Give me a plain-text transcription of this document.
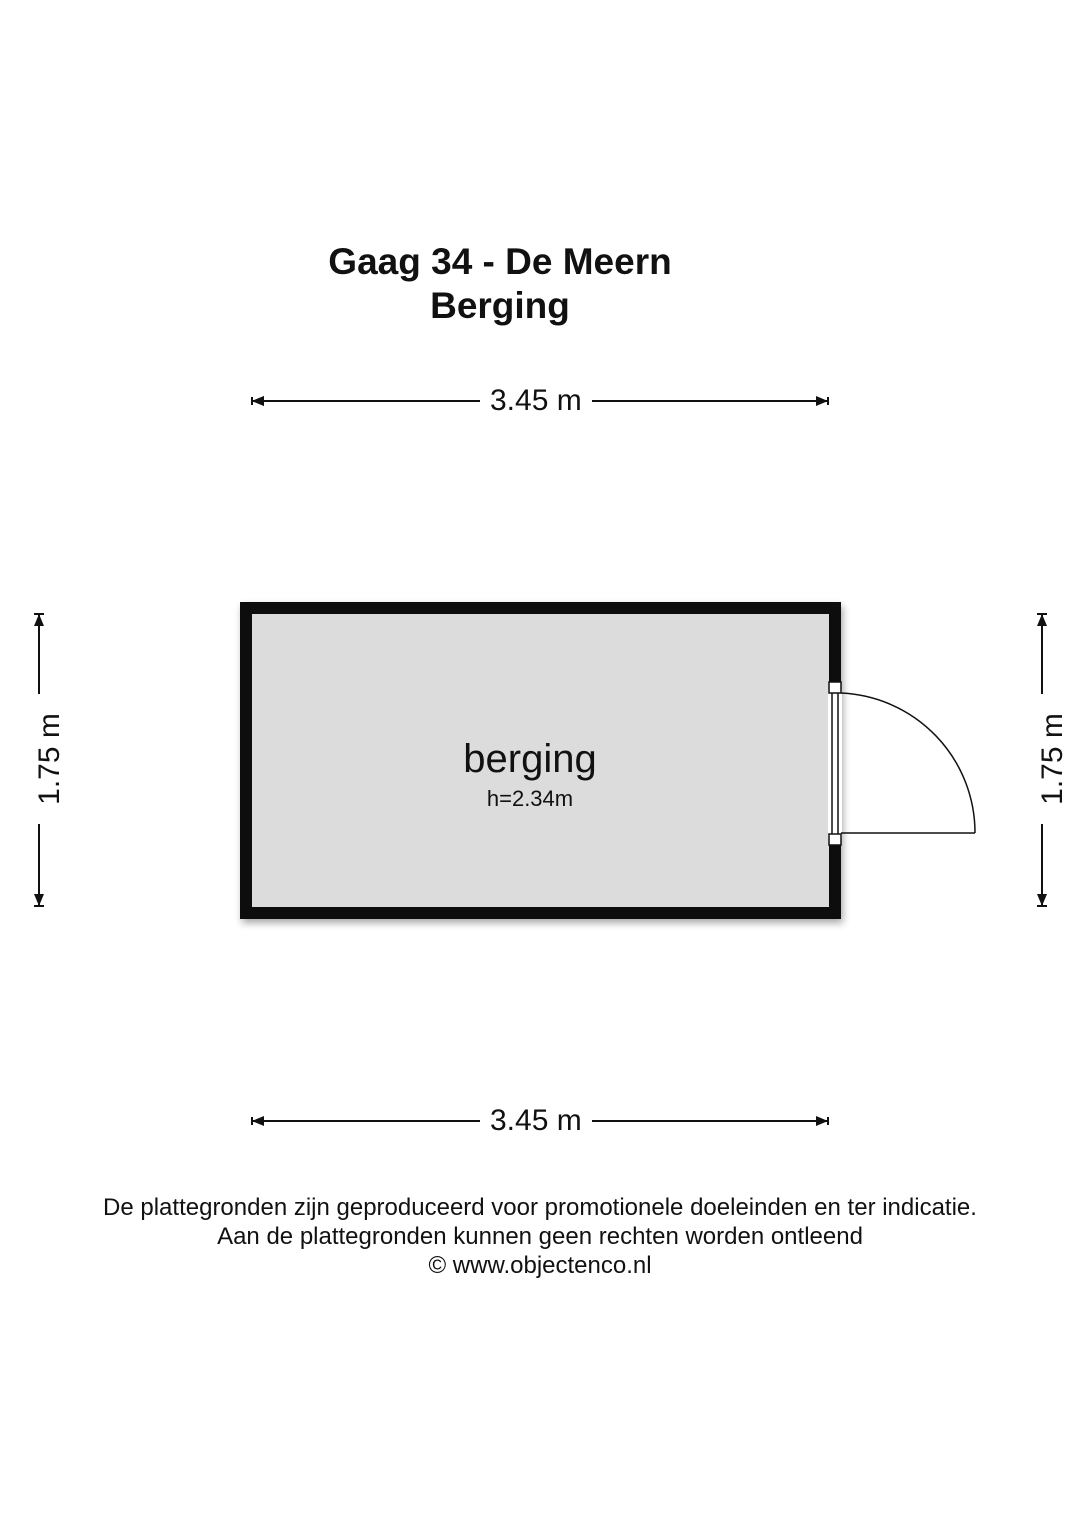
Gaag 34 - De Meern
Berging
3.45 m
3.45 m
1.75 m	1.75 m
berging
h=2.34m
De plattegronden zijn geproduceerd voor promotionele doeleinden en ter indicatie.
Aan de plattegronden kunnen geen rechten worden ontleend
© www.objectenco.nl
